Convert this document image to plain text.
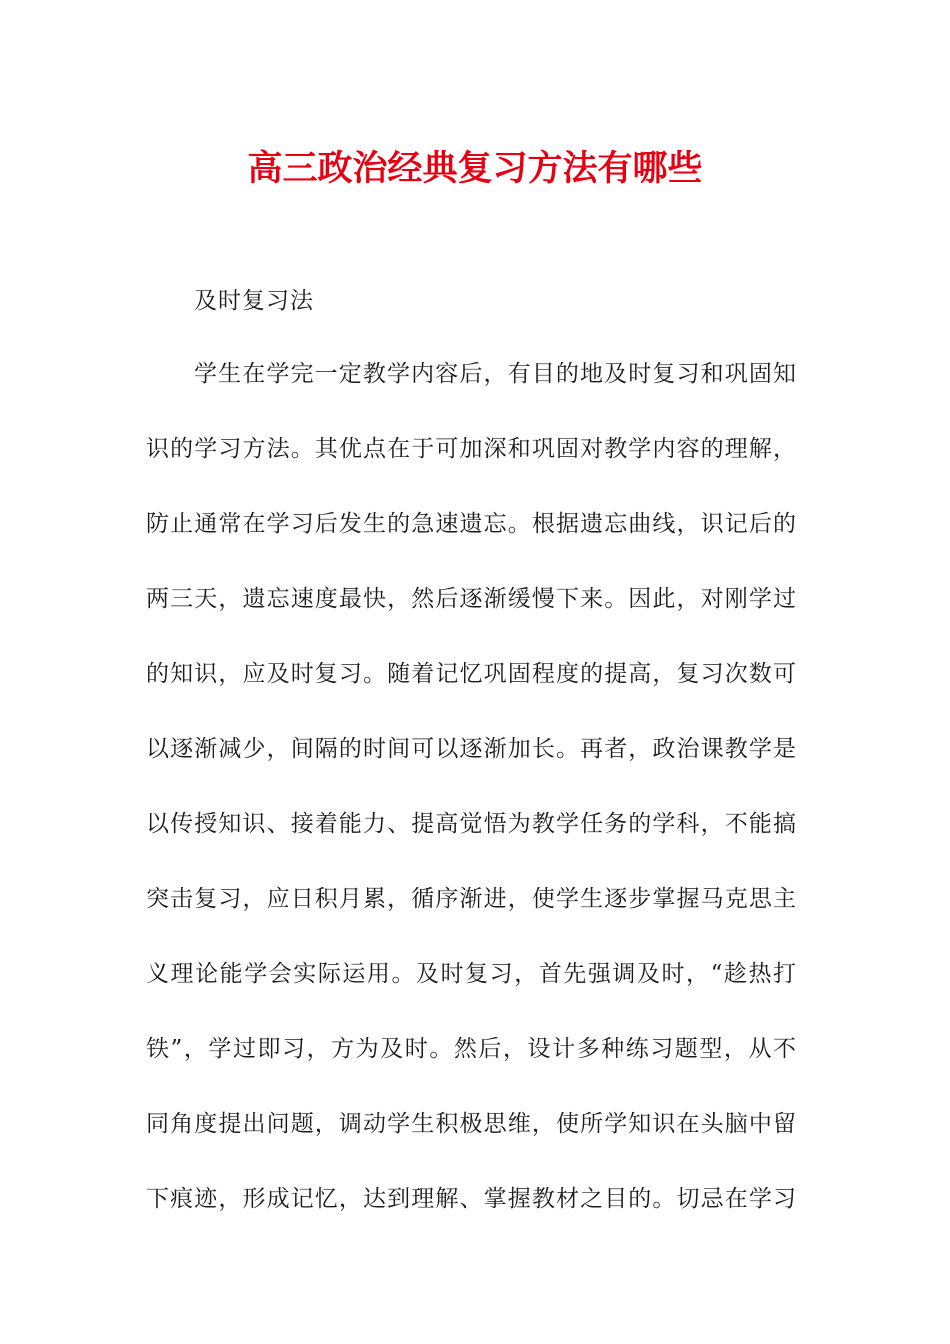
高三政治经典复习方法有哪些
及时复习法
学生在学完一定教学内容后，有目的地及时复习和巩固知
识的学习方法。其优点在于可加深和巩固对教学内容的理解，
防止通常在学习后发生的急速遗忘。根据遗忘曲线，识记后的
两三天，遗忘速度最快，然后逐渐缓慢下来。因此，对刚学过
的知识，应及时复习。随着记忆巩固程度的提高，复习次数可
以逐渐减少，间隔的时间可以逐渐加长。再者，政治课教学是
以传授知识、接着能力、提高觉悟为教学任务的学科，不能搞
突击复习，应日积月累，循序渐进，使学生逐步掌握马克思主
义理论能学会实际运用。及时复习，首先强调及时，“趁热打
铁”，学过即习，方为及时。然后，设计多种练习题型，从不
同角度提出问题，调动学生积极思维，使所学知识在头脑中留
下痕迹，形成记忆，达到理解、掌握教材之目的。切忌在学习
